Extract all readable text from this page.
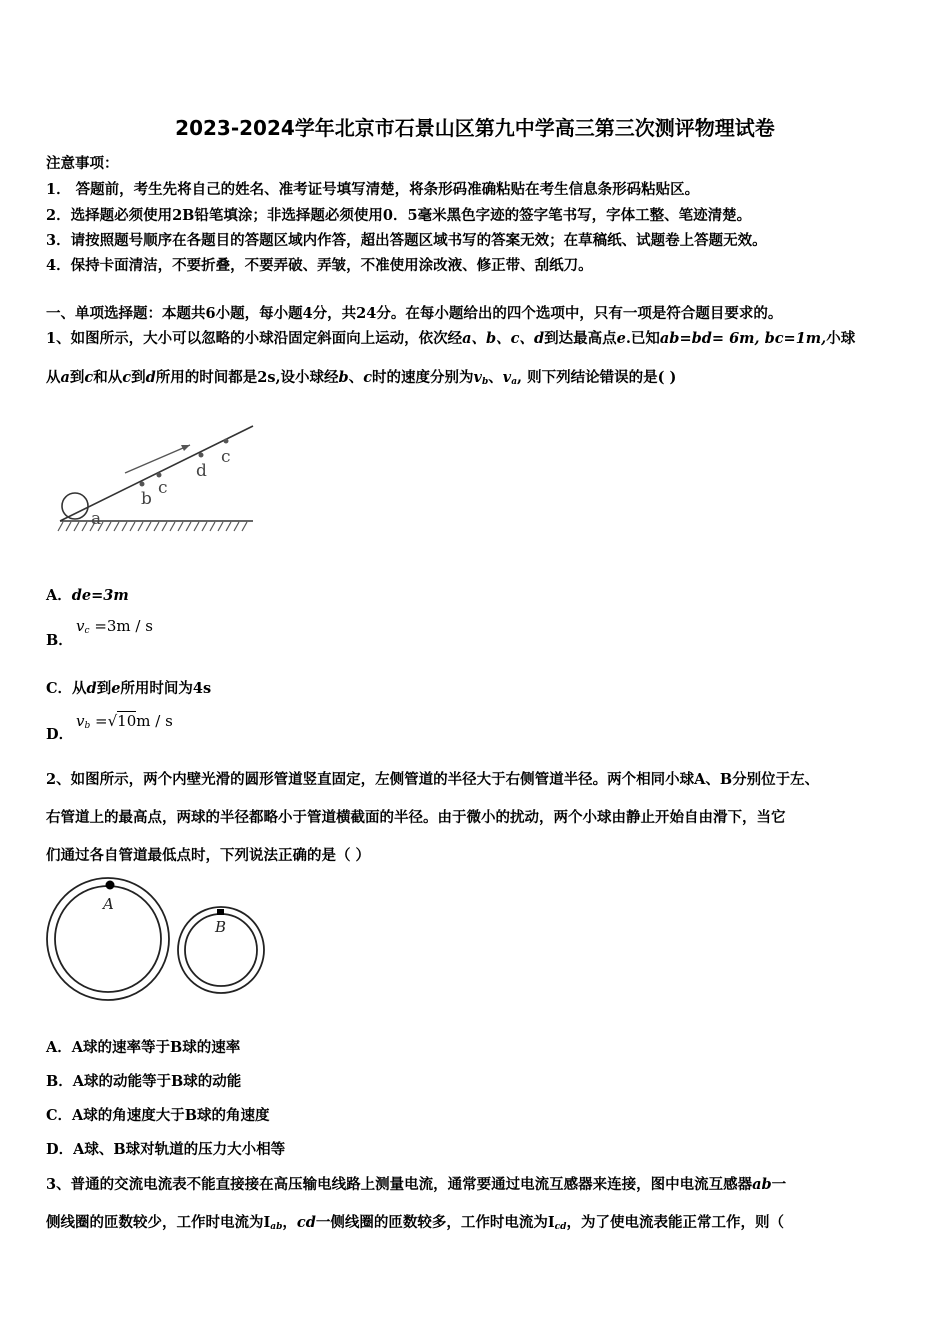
2023-2024学年北京市石景山区第九中学高三第三次测评物理试卷
注意事项：
1． 答题前，考生先将自己的姓名、准考证号填写清楚，将条形码准确粘贴在考生信息条形码粘贴区。
2．选择题必须使用2B铅笔填涂；非选择题必须使用0．5毫米黑色字迹的签字笔书写，字体工整、笔迹清楚。
3．请按照题号顺序在各题目的答题区域内作答，超出答题区域书写的答案无效；在草稿纸、试题卷上答题无效。
4．保持卡面清洁，不要折叠，不要弄破、弄皱，不准使用涂改液、修正带、刮纸刀。
一、单项选择题：本题共6小题，每小题4分，共24分。在每小题给出的四个选项中，只有一项是符合题目要求的。
1、如图所示，大小可以忽略的小球沿固定斜面向上运动，依次经a、b、c、d到达最高点e.已知ab=bd= 6m, bc=1m,小球
从a到c和从c到d所用的时间都是2s,设小球经b、c时的速度分别为$v_b$、$v_a$, 则下列结论错误的是( )
a
b
c
d
c
A．de=3m
B．
$v_c =3m / s$
C．从d到e所用时间为4s
D．
$v_b =√10m / s$
2、如图所示，两个内壁光滑的圆形管道竖直固定，左侧管道的半径大于右侧管道半径。两个相同小球A、B分别位于左、
右管道上的最高点，两球的半径都略小于管道横截面的半径。由于微小的扰动，两个小球由静止开始自由滑下，当它
们通过各自管道最低点时，下列说法正确的是（ ）
A
B
A．A球的速率等于B球的速率
B．A球的动能等于B球的动能
C．A球的角速度大于B球的角速度
D．A球、B球对轨道的压力大小相等
3、普通的交流电流表不能直接接在高压输电线路上测量电流，通常要通过电流互感器来连接，图中电流互感器ab一
侧线圈的匝数较少，工作时电流为$I_{ab}$，cd一侧线圈的匝数较多，工作时电流为$I_{cd}$，为了使电流表能正常工作，则（
